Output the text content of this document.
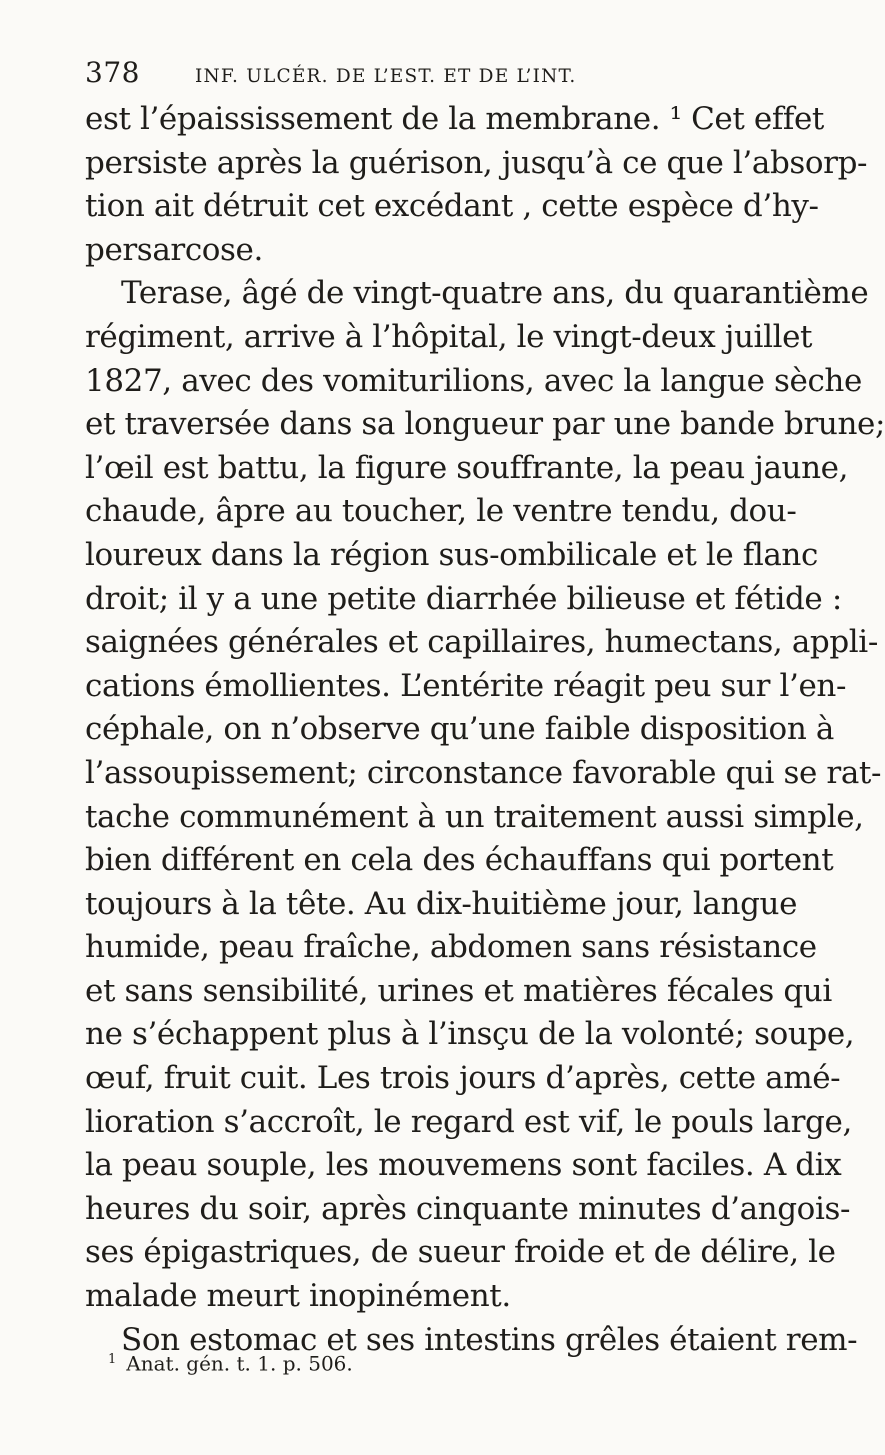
378	INF. ULCÉR. DE L’EST. ET DE L’INT.
est l’épaississement de la membrane. ¹ Cet effet
persiste après la guérison, jusqu’à ce que l’absorp-
tion ait détruit cet excédant , cette espèce d’hy-
persarcose.
Terase, âgé de vingt-quatre ans, du quarantième
régiment, arrive à l’hôpital, le vingt-deux juillet
1827, avec des vomiturilions, avec la langue sèche
et traversée dans sa longueur par une bande brune;
l’œil est battu, la figure souffrante, la peau jaune,
chaude, âpre au toucher, le ventre tendu, dou-
loureux dans la région sus-ombilicale et le flanc
droit; il y a une petite diarrhée bilieuse et fétide :
saignées générales et capillaires, humectans, appli-
cations émollientes. L’entérite réagit peu sur l’en-
céphale, on n’observe qu’une faible disposition à
l’assoupissement; circonstance favorable qui se rat-
tache communément à un traitement aussi simple,
bien différent en cela des échauffans qui portent
toujours à la tête. Au dix-huitième jour, langue
humide, peau fraîche, abdomen sans résistance
et sans sensibilité, urines et matières fécales qui
ne s’échappent plus à l’insçu de la volonté; soupe,
œuf, fruit cuit. Les trois jours d’après, cette amé-
lioration s’accroît, le regard est vif, le pouls large,
la peau souple, les mouvemens sont faciles. A dix
heures du soir, après cinquante minutes d’angois-
ses épigastriques, de sueur froide et de délire, le
malade meurt inopinément.
Son estomac et ses intestins grêles étaient rem-
$^1$ Anat. gén. t. 1. p. 506.
